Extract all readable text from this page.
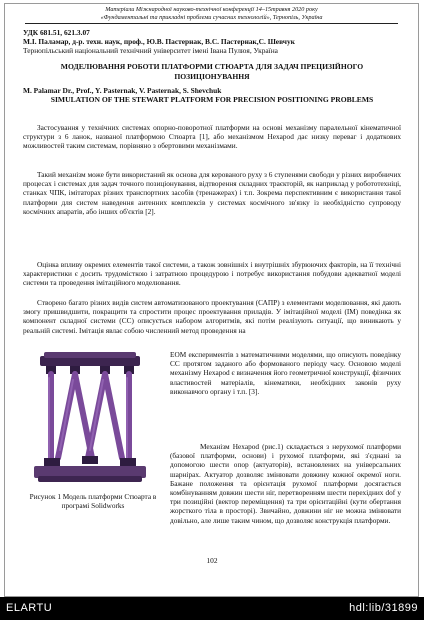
Матеріали Міжнародної науково-технічної конференції 14–15травня 2020 року
«Фундаментальні та прикладні проблеми сучасних технологій», Тернопіль, Україна
УДК 681.51, 621.3.07
М.І. Паламар, д-р. техн. наук, проф., Ю.В. Пастернак, В.С. Пастернак,С. Шевчук
Тернопільський національний технічний університет імені Івана Пулюя, Україна
МОДЕЛЮВАННЯ РОБОТИ ПЛАТФОРМИ СТЮАРТА ДЛЯ ЗАДАЧ ПРЕЦИЗІЙНОГО ПОЗИЦІОНУВАННЯ
M. Palamar Dr., Prof., Y. Pasternak, V. Pasternak, S. Shevchuk
SIMULATION OF THE STEWART PLATFORM FOR PRECISION POSITIONING PROBLEMS

Застосування у технічних системах опорно-поворотної платформи на основі механізму паралельної кінематичної структури з 6 ланок, названої платформою Стюарта [1], або механізмом Hexapod дає низку переваг і додаткових можливостей таким системам, порівняно з обертовими механізмами.

Такий механізм може бути використаний як основа для керованого руху з 6 ступенями свободи у різних виробничих процесах і системах для задач точного позиціонування, відтворення складних траєкторій, як наприклад у робототехніці, станках ЧПК, імітаторах різних транспортних засобів (тренажерах) і т.п. Зокрема перспективним є використання такої платформи для систем наведення антенних комплексів у системах космічного зв'язку із необхідністю супроводу космічних апаратів, або інших об'єктів [2].

Оцінка впливу окремих елементів такої системи, а також зовнішніх і внутрішніх збурюючих факторів, на її технічні характеристики є досить трудомісткою і затратною процедурою і потребує використання побудови адекватної моделі системи та проведення імітаційного моделювання.

Створено багато різних видів систем автоматизованого проектування (САПР) з елементами моделювання, які дають змогу пришвидшити, покращити та спростити процес проектування приладів. У імітаційної моделі (ІМ) поведінка як компонент складної системи (СС) описується набором алгоритмів, які потім реалізують ситуації, що виникають у реальній системі. Імітація явлає собою численний метод проведення на

ЕОМ експериментів з математичними моделями, що описують поведінку СС протягом заданого або формованого періоду часу. Основою моделі механізму Hexapod є визначення його геометричної конструкції, фізичних властивостей матеріалів, кінематики, необхідних законів руху виконавчого органу і т.п. [3].
Механізм Hexapod (рис.1) складається з нерухомої платформи (базової платформи, основи) і рухомої платформи, які з'єднані за допомогою шести опор (актуаторів), встановлених на універсальних шарнірах. Актуатор дозволяє змінювати довжину кожної окремої ноги. Бажане положення та орієнтація рухомої платформи досягається комбінуванням довжин шести ніг, перетворенням шести перехідних dof у три позиційні (вектор переміщення) та три орієнтаційні (кути обертання жорсткого тіла в просторі). Звичайно, довжини ніг не можна змінювати довільно, але лише таким чином, що дозволяє конструкція платформи.
Рисунок 1 Модель платформи Стюарта в програмі Solidworks
102
ELARTU	hdl:lib/31899
